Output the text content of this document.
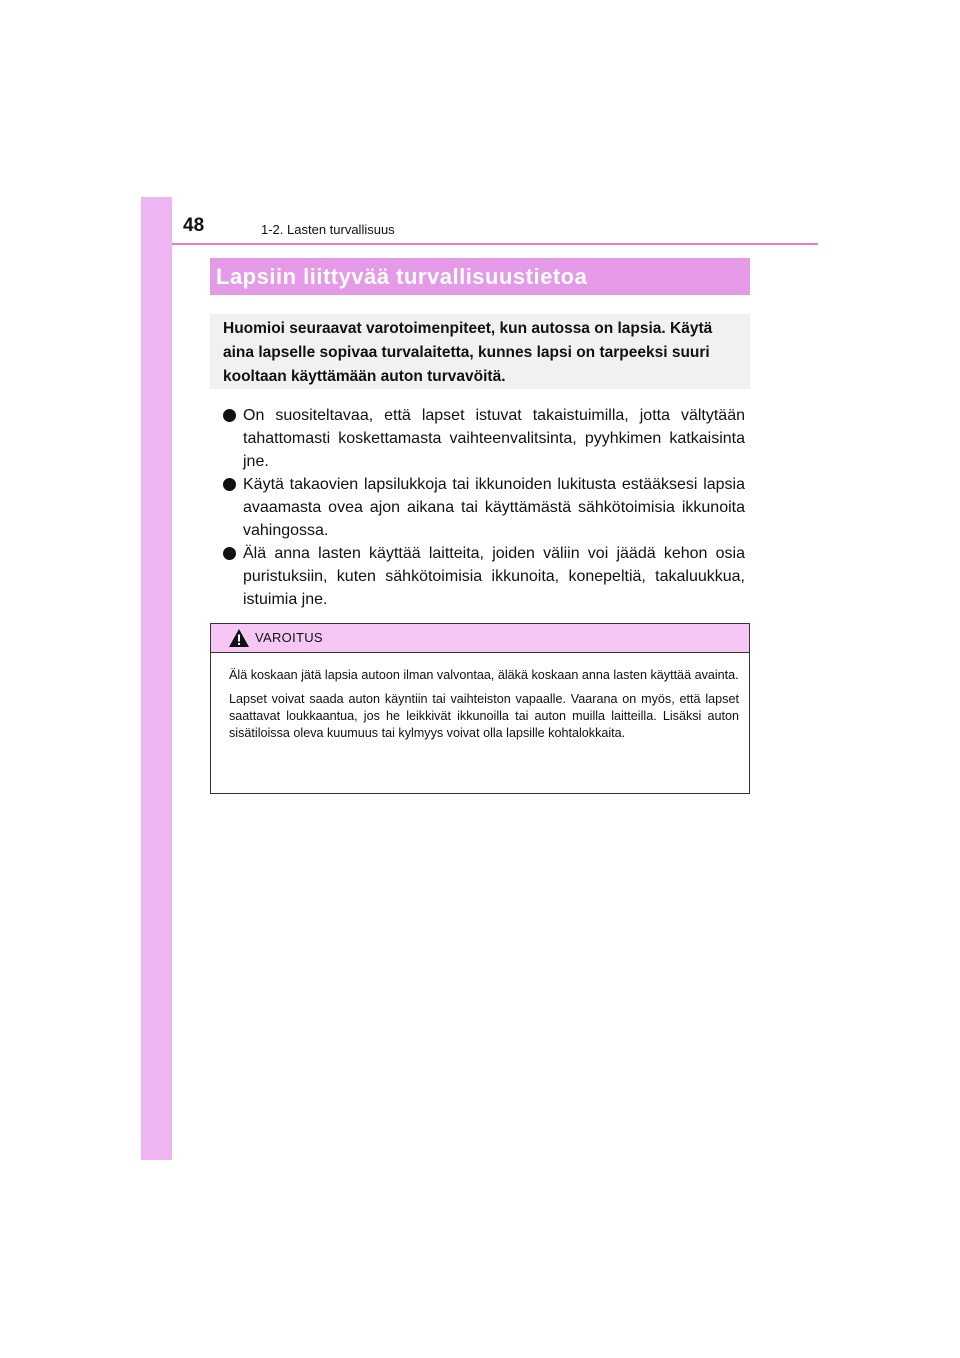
48	1-2. Lasten turvallisuus
Lapsiin liittyvää turvallisuustietoa
Huomioi seuraavat varotoimenpiteet, kun autossa on lapsia. Käytä aina lapselle sopivaa turvalaitetta, kunnes lapsi on tarpeeksi suuri kooltaan käyttämään auton turvavöitä.
On suositeltavaa, että lapset istuvat takaistuimilla, jotta vältytään tahattomasti koskettamasta vaihteenvalitsinta, pyyhkimen katkaisinta jne.
Käytä takaovien lapsilukkoja tai ikkunoiden lukitusta estääksesi lapsia avaamasta ovea ajon aikana tai käyttämästä sähkötoimisia ikkunoita vahingossa.
Älä anna lasten käyttää laitteita, joiden väliin voi jäädä kehon osia puristuksiin, kuten sähkötoimisia ikkunoita, konepeltiä, takaluukkua, istuimia jne.
VAROITUS

Älä koskaan jätä lapsia autoon ilman valvontaa, äläkä koskaan anna lasten käyttää avainta.

Lapset voivat saada auton käyntiin tai vaihteiston vapaalle. Vaarana on myös, että lapset saattavat loukkaantua, jos he leikkivät ikkunoilla tai auton muilla laitteilla. Lisäksi auton sisätiloissa oleva kuumuus tai kylmyys voivat olla lapsille kohtalokkaita.
